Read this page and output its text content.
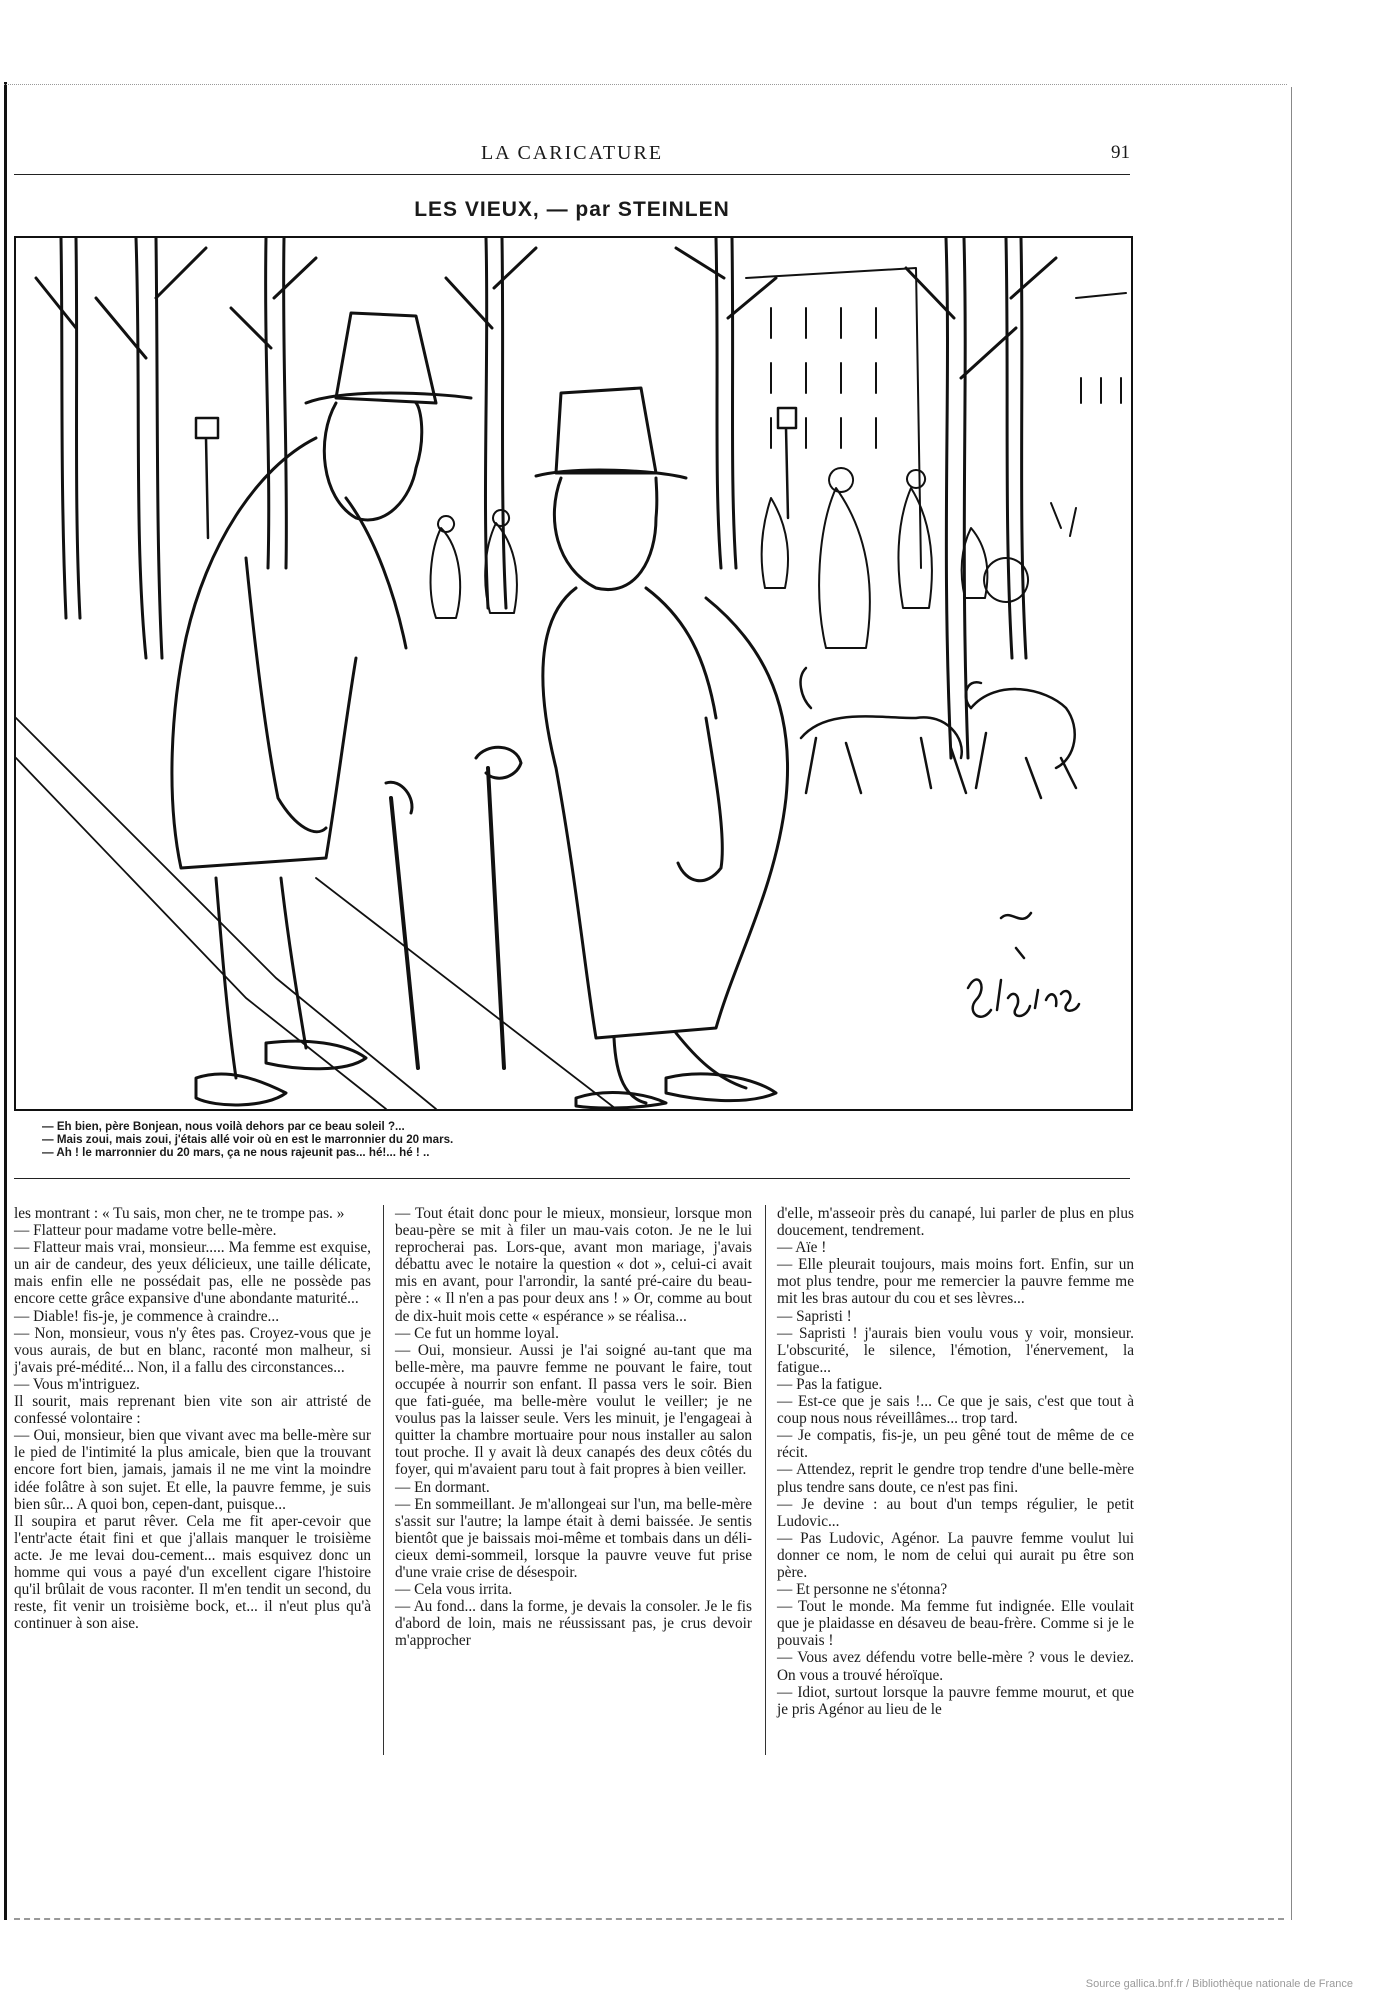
LA CARICATURE	91
LES VIEUX, — par STEINLEN
— Eh bien, père Bonjean, nous voilà dehors par ce beau soleil ?...
— Mais zoui, mais zoui, j'étais allé voir où en est le marronnier du 20 mars.
— Ah ! le marronnier du 20 mars, ça ne nous rajeunit pas... hé!... hé ! ..

les montrant : « Tu sais, mon cher, ne te trompe pas. »

— Flatteur pour madame votre belle-mère.

— Flatteur mais vrai, monsieur..... Ma femme est exquise, un air de candeur, des yeux délicieux, une taille délicate, mais enfin elle ne possédait pas, elle ne possède pas encore cette grâce expansive d'une abondante maturité...

— Diable! fis-je, je commence à craindre...

— Non, monsieur, vous n'y êtes pas. Croyez-vous que je vous aurais, de but en blanc, raconté mon malheur, si j'avais pré-médité... Non, il a fallu des circonstances...

— Vous m'intriguez.

Il sourit, mais reprenant bien vite son air attristé de confessé volontaire :

— Oui, monsieur, bien que vivant avec ma belle-mère sur le pied de l'intimité la plus amicale, bien que la trouvant encore fort bien, jamais, jamais il ne me vint la moindre idée folâtre à son sujet. Et elle, la pauvre femme, je suis bien sûr... A quoi bon, cepen-dant, puisque...

Il soupira et parut rêver. Cela me fit aper-cevoir que l'entr'acte était fini et que j'allais manquer le troisième acte. Je me levai dou-cement... mais esquivez donc un homme qui vous a payé d'un excellent cigare l'histoire qu'il brûlait de vous raconter. Il m'en tendit un second, du reste, fit venir un troisième bock, et... il n'eut plus qu'à continuer à son aise.

— Tout était donc pour le mieux, monsieur, lorsque mon beau-père se mit à filer un mau-vais coton. Je ne le lui reprocherai pas. Lors-que, avant mon mariage, j'avais débattu avec le notaire la question « dot », celui-ci avait mis en avant, pour l'arrondir, la santé pré-caire du beau-père : « Il n'en a pas pour deux ans ! » Or, comme au bout de dix-huit mois cette « espérance » se réalisa...

— Ce fut un homme loyal.

— Oui, monsieur. Aussi je l'ai soigné au-tant que ma belle-mère, ma pauvre femme ne pouvant le faire, tout occupée à nourrir son enfant. Il passa vers le soir. Bien que fati-guée, ma belle-mère voulut le veiller; je ne voulus pas la laisser seule. Vers les minuit, je l'engageai à quitter la chambre mortuaire pour nous installer au salon tout proche. Il y avait là deux canapés des deux côtés du foyer, qui m'avaient paru tout à fait propres à bien veiller.

— En dormant.

— En sommeillant. Je m'allongeai sur l'un, ma belle-mère s'assit sur l'autre; la lampe était à demi baissée. Je sentis bientôt que je baissais moi-même et tombais dans un déli-cieux demi-sommeil, lorsque la pauvre veuve fut prise d'une vraie crise de désespoir.

— Cela vous irrita.

— Au fond... dans la forme, je devais la consoler. Je le fis d'abord de loin, mais ne réussissant pas, je crus devoir m'approcher

d'elle, m'asseoir près du canapé, lui parler de plus en plus doucement, tendrement.

— Aïe !

— Elle pleurait toujours, mais moins fort. Enfin, sur un mot plus tendre, pour me remercier la pauvre femme me mit les bras autour du cou et ses lèvres...

— Sapristi !

— Sapristi ! j'aurais bien voulu vous y voir, monsieur. L'obscurité, le silence, l'émotion, l'énervement, la fatigue...

— Pas la fatigue.

— Est-ce que je sais !... Ce que je sais, c'est que tout à coup nous nous réveillâmes... trop tard.

— Je compatis, fis-je, un peu gêné tout de même de ce récit.

— Attendez, reprit le gendre trop tendre d'une belle-mère plus tendre sans doute, ce n'est pas fini.

— Je devine : au bout d'un temps régulier, le petit Ludovic...

— Pas Ludovic, Agénor. La pauvre femme voulut lui donner ce nom, le nom de celui qui aurait pu être son père.

— Et personne ne s'étonna?

— Tout le monde. Ma femme fut indignée. Elle voulait que je plaidasse en désaveu de beau-frère. Comme si je le pouvais !

— Vous avez défendu votre belle-mère ? vous le deviez. On vous a trouvé héroïque.

— Idiot, surtout lorsque la pauvre femme mourut, et que je pris Agénor au lieu de le

Source gallica.bnf.fr / Bibliothèque nationale de France
